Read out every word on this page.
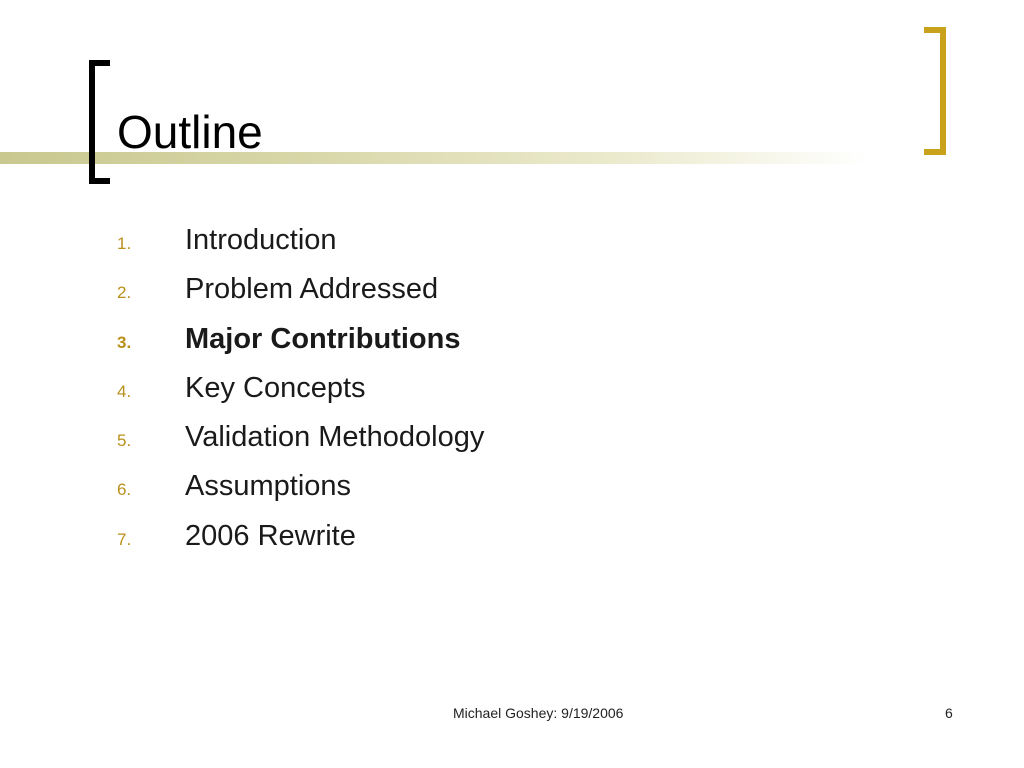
Outline
1.	Introduction
2.	Problem Addressed
3.	Major Contributions
4.	Key Concepts
5.	Validation Methodology
6.	Assumptions
7.	2006 Rewrite
Michael Goshey: 9/19/2006	6
